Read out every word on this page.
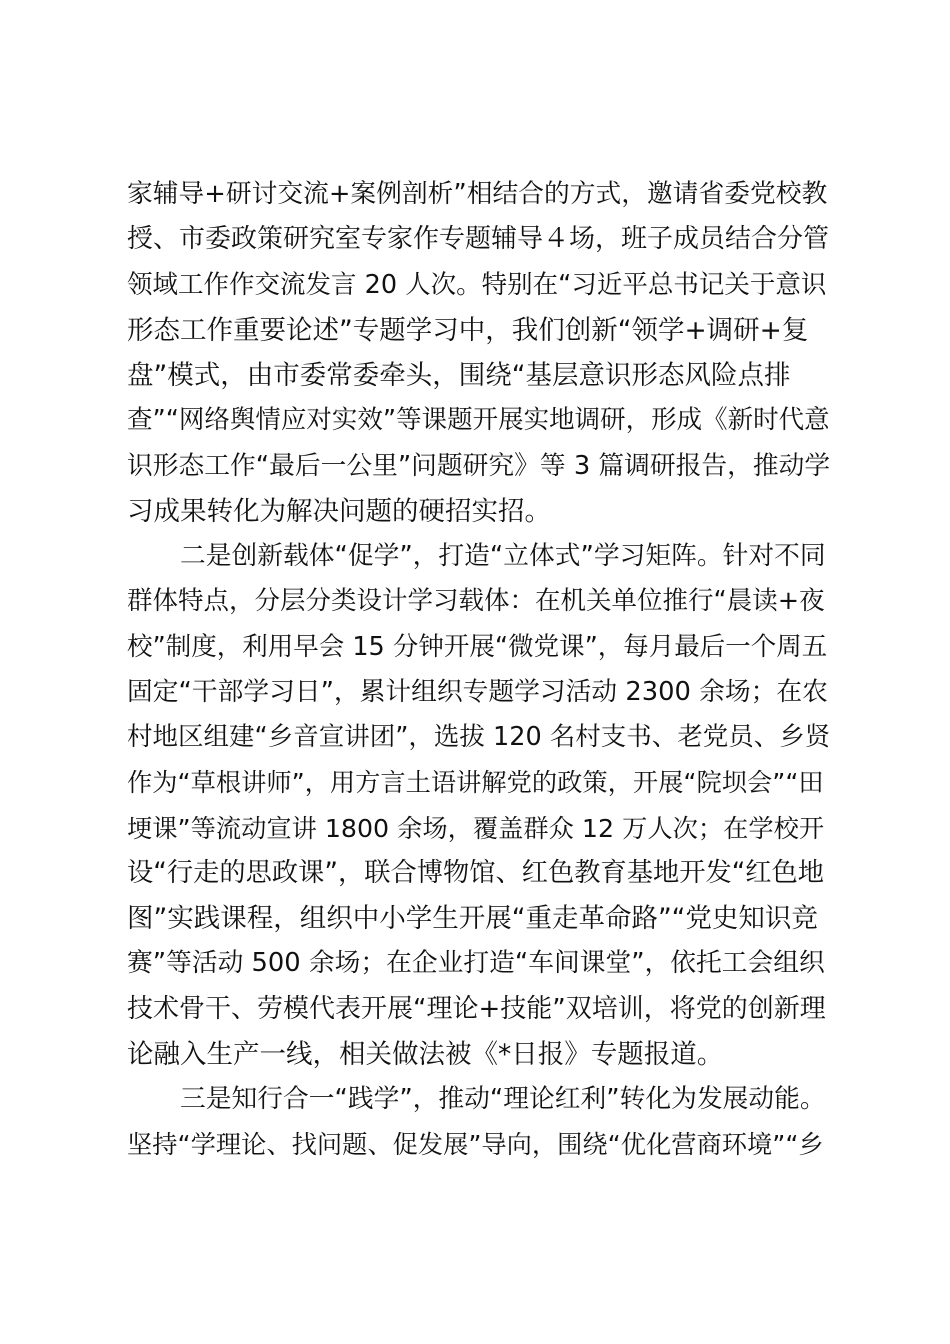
家辅导+研讨交流+案例剖析”相结合的方式，邀请省委党校教
授、市委政策研究室专家作专题辅导４场，班子成员结合分管
领域工作作交流发言 20 人次。特别在“习近平总书记关于意识
形态工作重要论述”专题学习中，我们创新“领学+调研+复
盘”模式，由市委常委牵头，围绕“基层意识形态风险点排
查”“网络舆情应对实效”等课题开展实地调研，形成《新时代意
识形态工作“最后一公里”问题研究》等 3 篇调研报告，推动学
习成果转化为解决问题的硬招实招。
二是创新载体“促学”，打造“立体式”学习矩阵。针对不同
群体特点，分层分类设计学习载体：在机关单位推行“晨读+夜
校”制度，利用早会 15 分钟开展“微党课”，每月最后一个周五
固定“干部学习日”，累计组织专题学习活动 2300 余场；在农
村地区组建“乡音宣讲团”，选拔 120 名村支书、老党员、乡贤
作为“草根讲师”，用方言土语讲解党的政策，开展“院坝会”“田
埂课”等流动宣讲 1800 余场，覆盖群众 12 万人次；在学校开
设“行走的思政课”，联合博物馆、红色教育基地开发“红色地
图”实践课程，组织中小学生开展“重走革命路”“党史知识竞
赛”等活动 500 余场；在企业打造“车间课堂”，依托工会组织
技术骨干、劳模代表开展“理论+技能”双培训，将党的创新理
论融入生产一线，相关做法被《*日报》专题报道。
三是知行合一“践学”，推动“理论红利”转化为发展动能。
坚持“学理论、找问题、促发展”导向，围绕“优化营商环境”“乡
